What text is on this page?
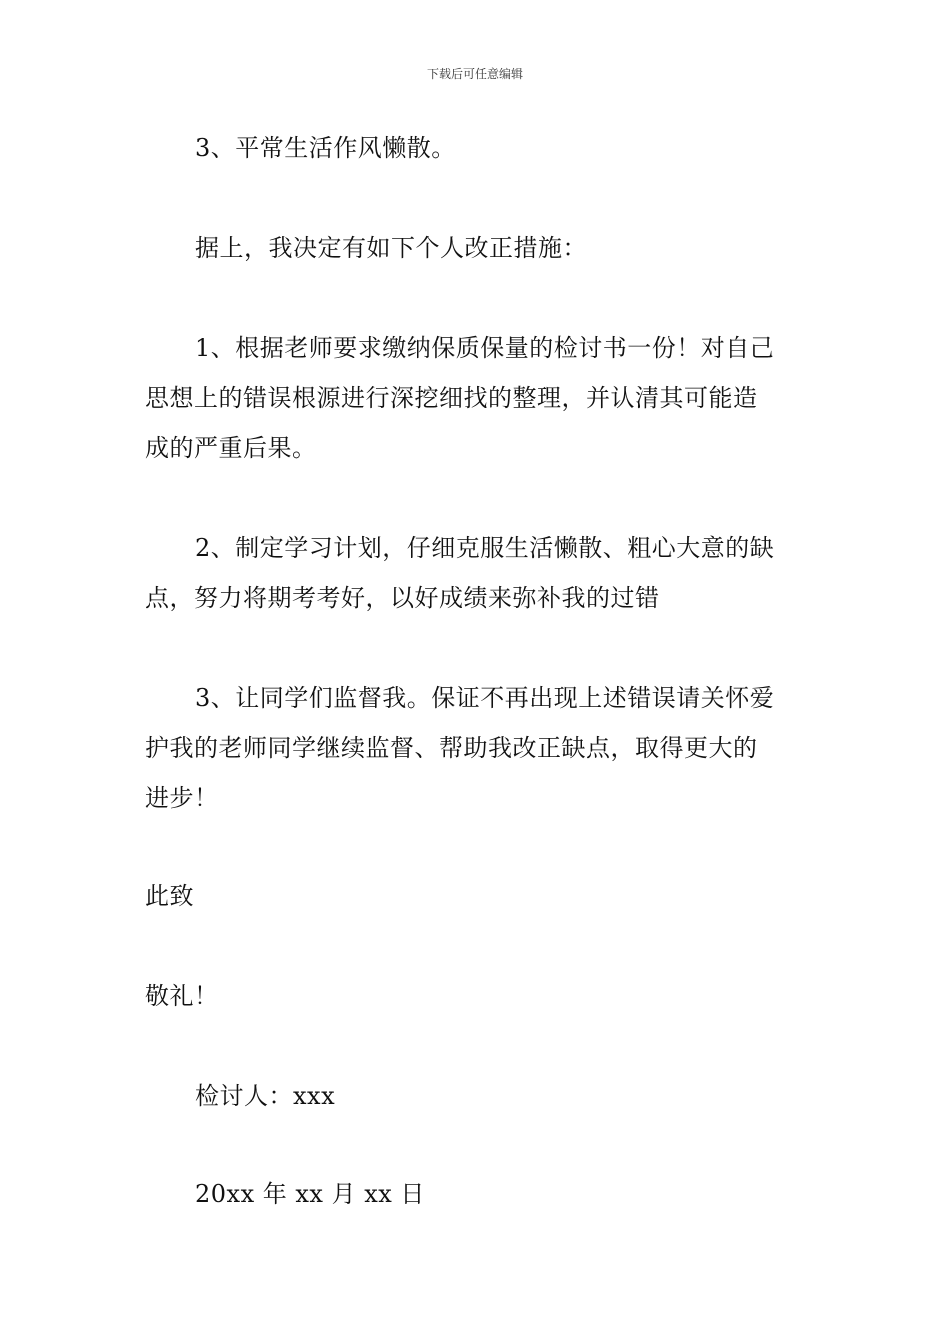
下载后可任意编辑

3、平常生活作风懒散。

据上，我决定有如下个人改正措施：

1、根据老师要求缴纳保质保量的检讨书一份！对自己
思想上的错误根源进行深挖细找的整理，并认清其可能造
成的严重后果。

2、制定学习计划，仔细克服生活懒散、粗心大意的缺
点，努力将期考考好，以好成绩来弥补我的过错

3、让同学们监督我。保证不再出现上述错误请关怀爱
护我的老师同学继续监督、帮助我改正缺点，取得更大的
进步！

此致

敬礼！

检讨人：xxx

20xx 年 xx 月 xx 日
